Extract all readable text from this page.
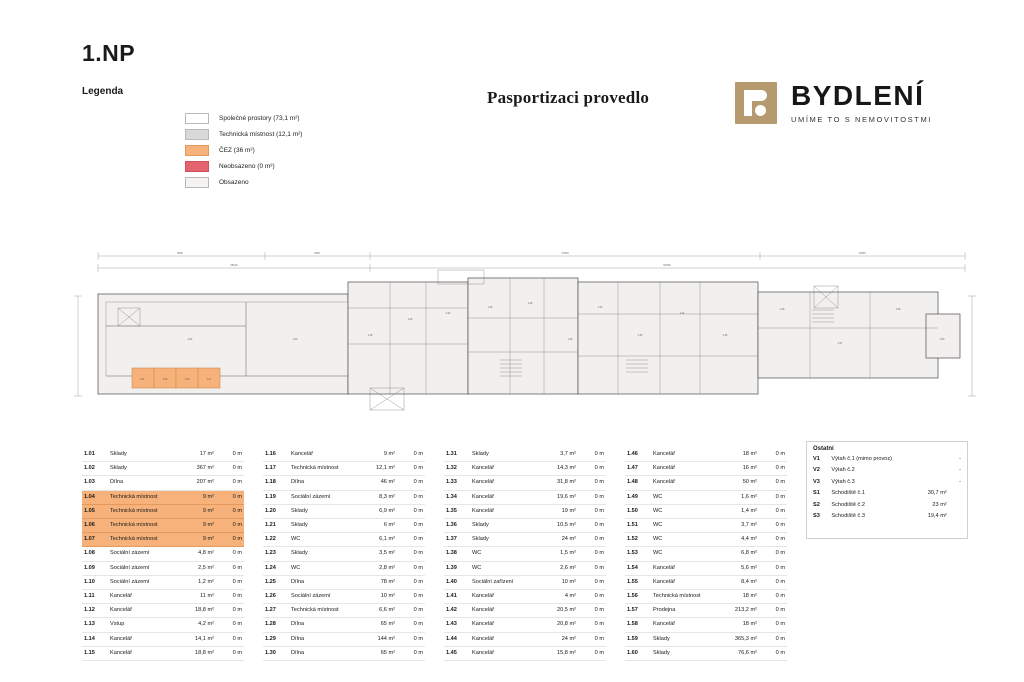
1.NP
Legenda
Společné prostory (73,1 m²)
Technická místnost (12,1 m²)
ČEZ (36 m²)
Neobsazeno (0 m²)
Obsazeno
Pasportizaci provedlo	BYDLENÍ
UMÍME TO S NEMOVITOSTMI
5800	3260	27820	10900
38130	54650
1.02	1.03
1.04	1.05	1.06	1.07
1.18
1.20
1.22
1.25
1.29
1.30
1.33
1.36
1.42
1.45
1.48
1.57
1.59
1.60
1.01	Sklady	17 m²	0 m
1.02	Sklady	367 m²	0 m
1.03	Dílna	207 m²	0 m
1.04	Technická místnost	9 m²	0 m
1.05	Technická místnost	9 m²	0 m
1.06	Technická místnost	9 m²	0 m
1.07	Technická místnost	9 m²	0 m
1.08	Sociální zázemí	4,8 m²	0 m
1.09	Sociální zázemí	2,5 m²	0 m
1.10	Sociální zázemí	1,2 m²	0 m
1.11	Kancelář	11 m²	0 m
1.12	Kancelář	18,8 m²	0 m
1.13	Vstup	4,2 m²	0 m
1.14	Kancelář	14,1 m²	0 m
1.15	Kancelář	18,8 m²	0 m
1.16	Kancelář	9 m²	0 m
1.17	Technická místnost	12,1 m²	0 m
1.18	Dílna	46 m²	0 m
1.19	Sociální zázemí	8,3 m²	0 m
1.20	Sklady	6,9 m²	0 m
1.21	Sklady	6 m²	0 m
1.22	WC	6,1 m²	0 m
1.23	Sklady	3,5 m²	0 m
1.24	WC	2,8 m²	0 m
1.25	Dílna	78 m²	0 m
1.26	Sociální zázemí	10 m²	0 m
1.27	Technická místnost	6,6 m²	0 m
1.28	Dílna	65 m²	0 m
1.29	Dílna	144 m²	0 m
1.30	Dílna	65 m²	0 m
1.31	Sklady	3,7 m²	0 m
1.32	Kancelář	14,3 m²	0 m
1.33	Kancelář	31,8 m²	0 m
1.34	Kancelář	19,6 m²	0 m
1.35	Kancelář	19 m²	0 m
1.36	Sklady	10,5 m²	0 m
1.37	Sklady	24 m²	0 m
1.38	WC	1,5 m²	0 m
1.39	WC	2,6 m²	0 m
1.40	Sociální zařízení	10 m²	0 m
1.41	Kancelář	4 m²	0 m
1.42	Kancelář	20,5 m²	0 m
1.43	Kancelář	20,8 m²	0 m
1.44	Kancelář	24 m²	0 m
1.45	Kancelář	15,8 m²	0 m
1.46	Kancelář	18 m²	0 m
1.47	Kancelář	16 m²	0 m
1.48	Kancelář	50 m²	0 m
1.49	WC	1,6 m²	0 m
1.50	WC	1,4 m²	0 m
1.51	WC	3,7 m²	0 m
1.52	WC	4,4 m²	0 m
1.53	WC	6,8 m²	0 m
1.54	Kancelář	5,6 m²	0 m
1.55	Kancelář	8,4 m²	0 m
1.56	Technická místnost	18 m²	0 m
1.57	Prodejna	213,2 m²	0 m
1.58	Kancelář	18 m²	0 m
1.59	Sklady	365,3 m²	0 m
1.60	Sklady	76,6 m²	0 m
Ostatní
V1	Výtah č.1 (mimo provoz)		-
V2	Výtah č.2		-
V3	Výtah č.3		-
S1	Schodiště č.1	30,7 m²	
S2	Schodiště č.2	23 m²	
S3	Schodiště č.3	19,4 m²	
